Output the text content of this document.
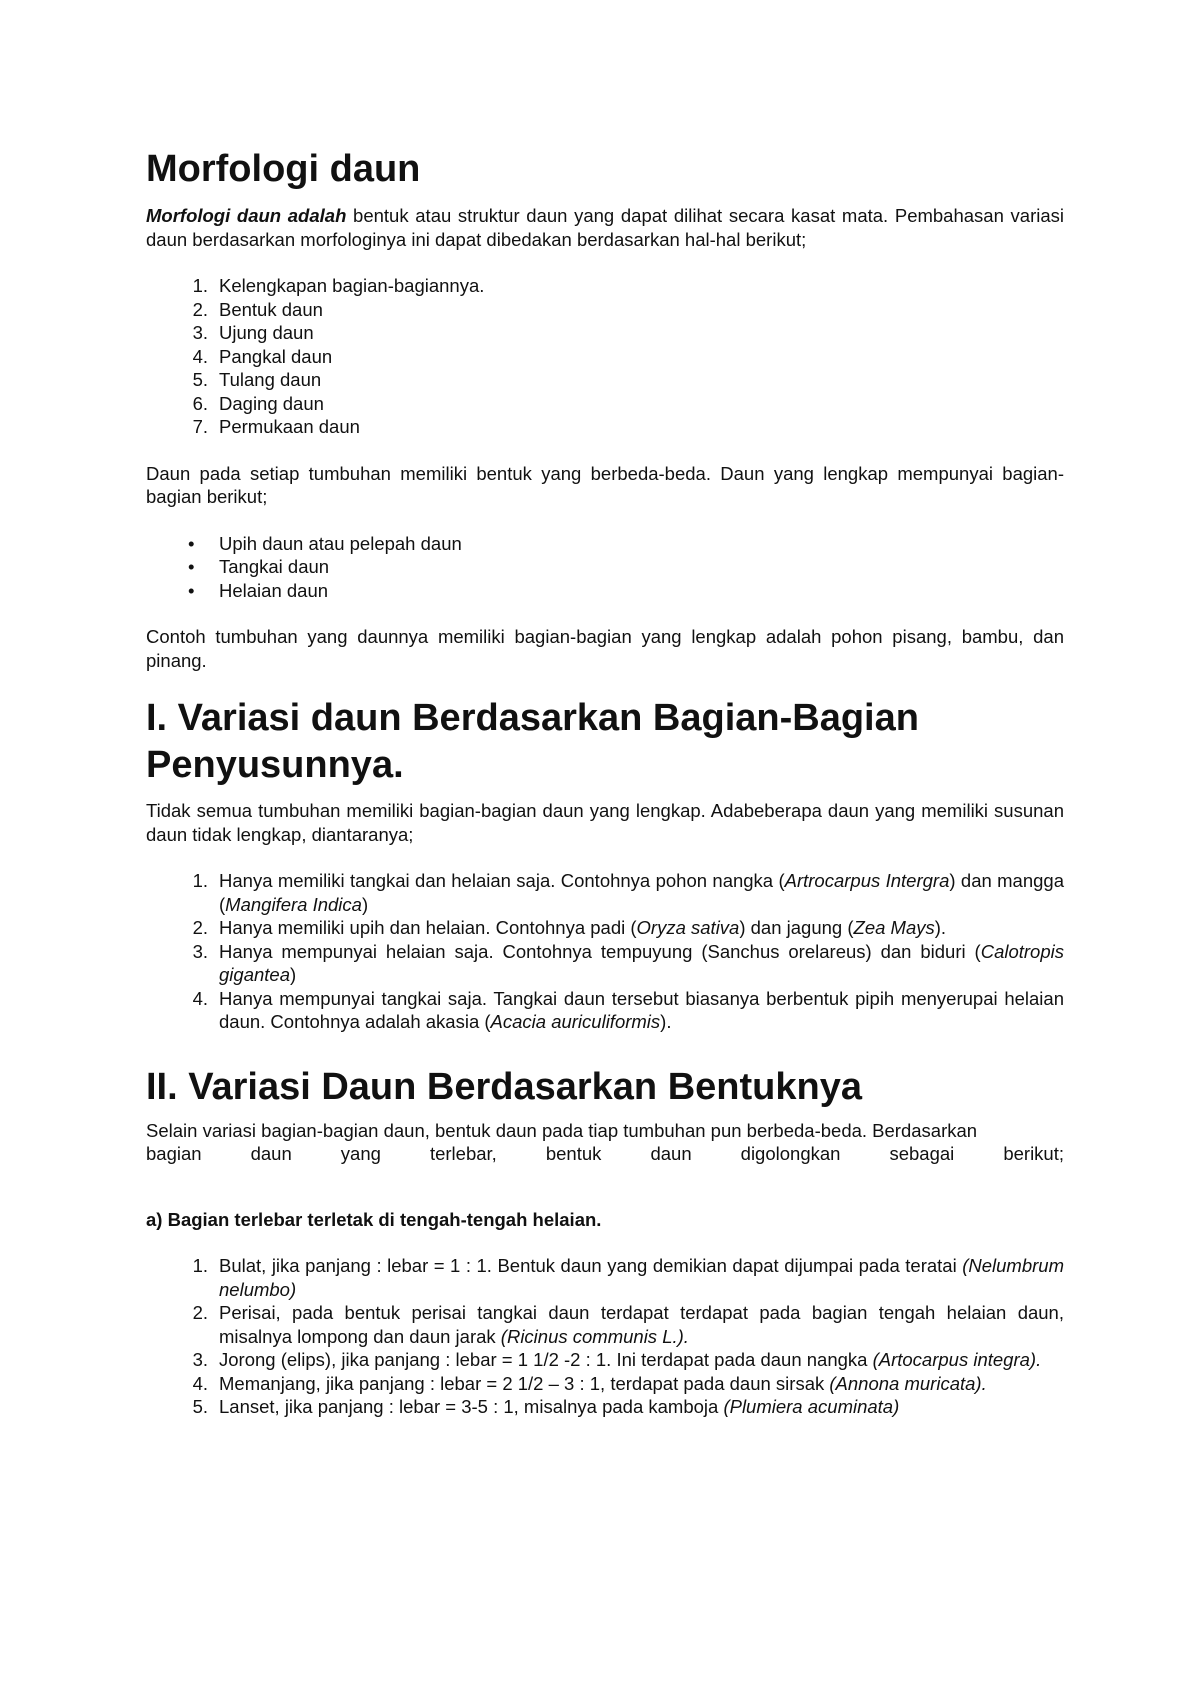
Morfologi daun

Morfologi daun adalah bentuk atau struktur daun yang dapat dilihat secara kasat mata. Pembahasan variasi daun berdasarkan morfologinya ini dapat dibedakan berdasarkan hal-hal berikut;

1. Kelengkapan bagian-bagiannya.
2. Bentuk daun
3. Ujung daun
4. Pangkal daun
5. Tulang daun
6. Daging daun
7. Permukaan daun

Daun pada setiap tumbuhan memiliki bentuk yang berbeda-beda. Daun yang lengkap mempunyai bagian-bagian berikut;

• Upih daun atau pelepah daun
• Tangkai daun
• Helaian daun

Contoh tumbuhan yang daunnya memiliki bagian-bagian yang lengkap adalah pohon pisang, bambu, dan pinang.

I. Variasi daun Berdasarkan Bagian-Bagian
Penyusunnya.

Tidak semua tumbuhan memiliki bagian-bagian daun yang lengkap. Adabeberapa daun yang memiliki susunan daun tidak lengkap, diantaranya;

1. Hanya memiliki tangkai dan helaian saja. Contohnya pohon nangka (Artrocarpus Intergra) dan mangga (Mangifera Indica)
2. Hanya memiliki upih dan helaian. Contohnya padi (Oryza sativa) dan jagung (Zea Mays).
3. Hanya mempunyai helaian saja. Contohnya tempuyung (Sanchus orelareus) dan biduri (Calotropis gigantea)
4. Hanya mempunyai tangkai saja. Tangkai daun tersebut biasanya berbentuk pipih menyerupai helaian daun. Contohnya adalah akasia (Acacia auriculiformis).
II. Variasi Daun Berdasarkan Bentuknya

Selain variasi bagian-bagian daun, bentuk daun pada tiap tumbuhan pun berbeda-beda. Berdasarkan

bagian daun yang terlebar, bentuk daun digolongkan sebagai berikut;

a) Bagian terlebar terletak di tengah-tengah helaian.

1. Bulat, jika panjang : lebar = 1 : 1. Bentuk daun yang demikian dapat dijumpai pada teratai (Nelumbrum nelumbo)
2. Perisai, pada bentuk perisai tangkai daun terdapat terdapat pada bagian tengah helaian daun, misalnya lompong dan daun jarak (Ricinus communis L.).
3. Jorong (elips), jika panjang : lebar = 1 1/2 -2 : 1. Ini terdapat pada daun nangka (Artocarpus integra).
4. Memanjang, jika panjang : lebar = 2 1/2 – 3 : 1, terdapat pada daun sirsak (Annona muricata).
5. Lanset, jika panjang : lebar = 3-5 : 1, misalnya pada kamboja (Plumiera acuminata)
